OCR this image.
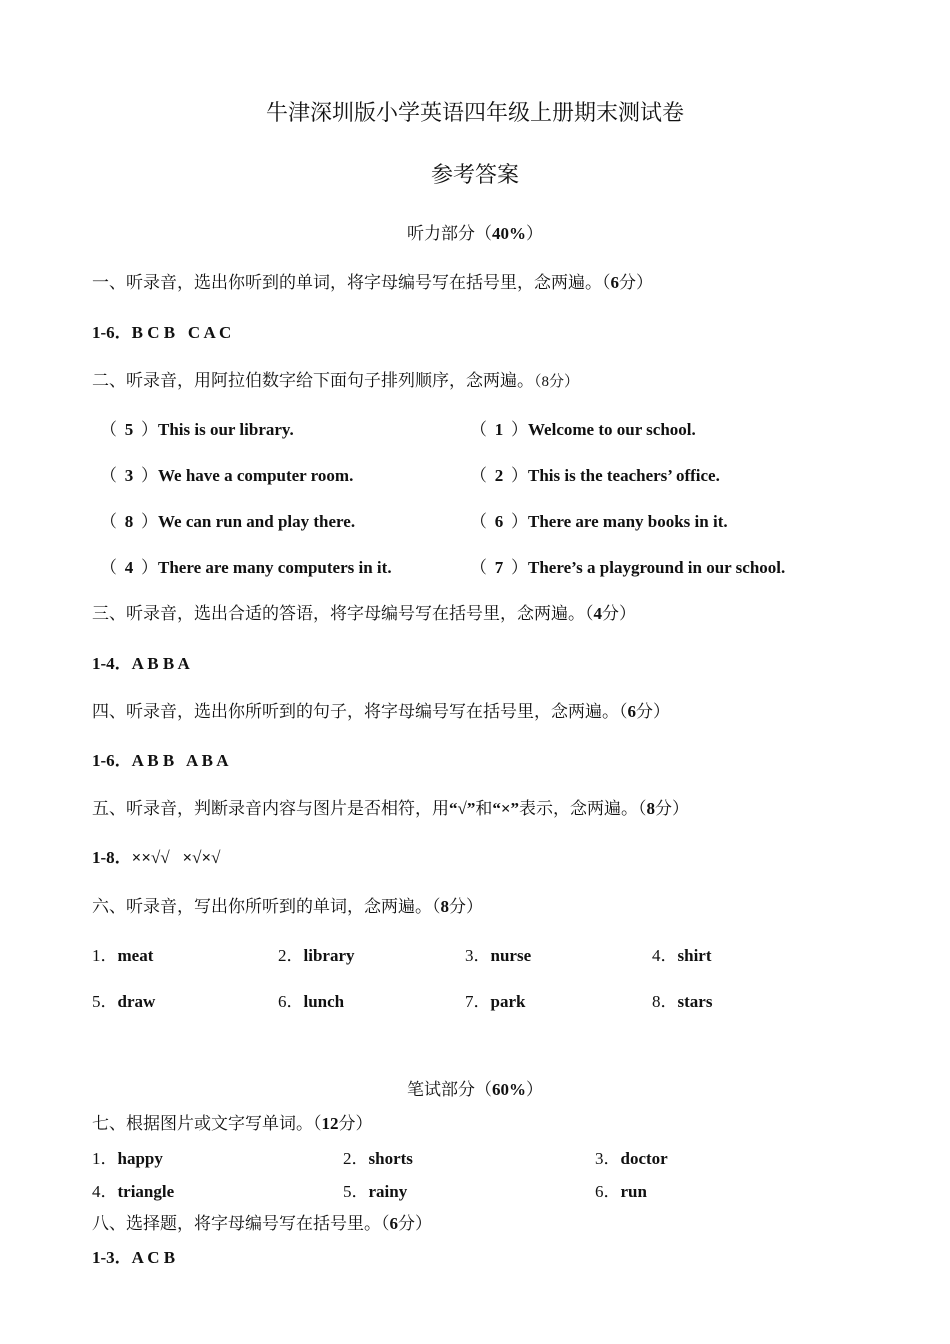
牛津深圳版小学英语四年级上册期末测试卷
参考答案
听力部分（40%）
一、听录音，选出你听到的单词，将字母编号写在括号里，念两遍。（6分）
1-6．B C B   C A C
二、听录音，用阿拉伯数字给下面句子排列顺序，念两遍。（8分）
（ 5 ）This is our library.	（ 1 ）Welcome to our school.
（ 3 ）We have a computer room.	（ 2 ）This is the teachers’ office.
（ 8 ）We can run and play there.	（ 6 ）There are many books in it.
（ 4 ）There are many computers in it.	（ 7 ）There’s a playground in our school.
三、听录音，选出合适的答语，将字母编号写在括号里，念两遍。（4分）
1-4．A B B A
四、听录音，选出你所听到的句子，将字母编号写在括号里，念两遍。（6分）
1-6．A B B   A B A
五、听录音，判断录音内容与图片是否相符，用“√”和“×”表示，念两遍。（8分）
1-8．××√√   ×√×√
六、听录音，写出你所听到的单词，念两遍。（8分）
1 ． meat	2 ． library	3 ． nurse	4 ． shirt
5 ． draw	6 ． lunch	7 ． park	8 ． stars
笔试部分（60%）
七、根据图片或文字写单词。（12分）
1 ． happy	2 ． shorts	3 ． doctor
4 ． triangle	5 ． rainy	6 ． run
八、选择题，将字母编号写在括号里。（6分）
1-3．A C B
